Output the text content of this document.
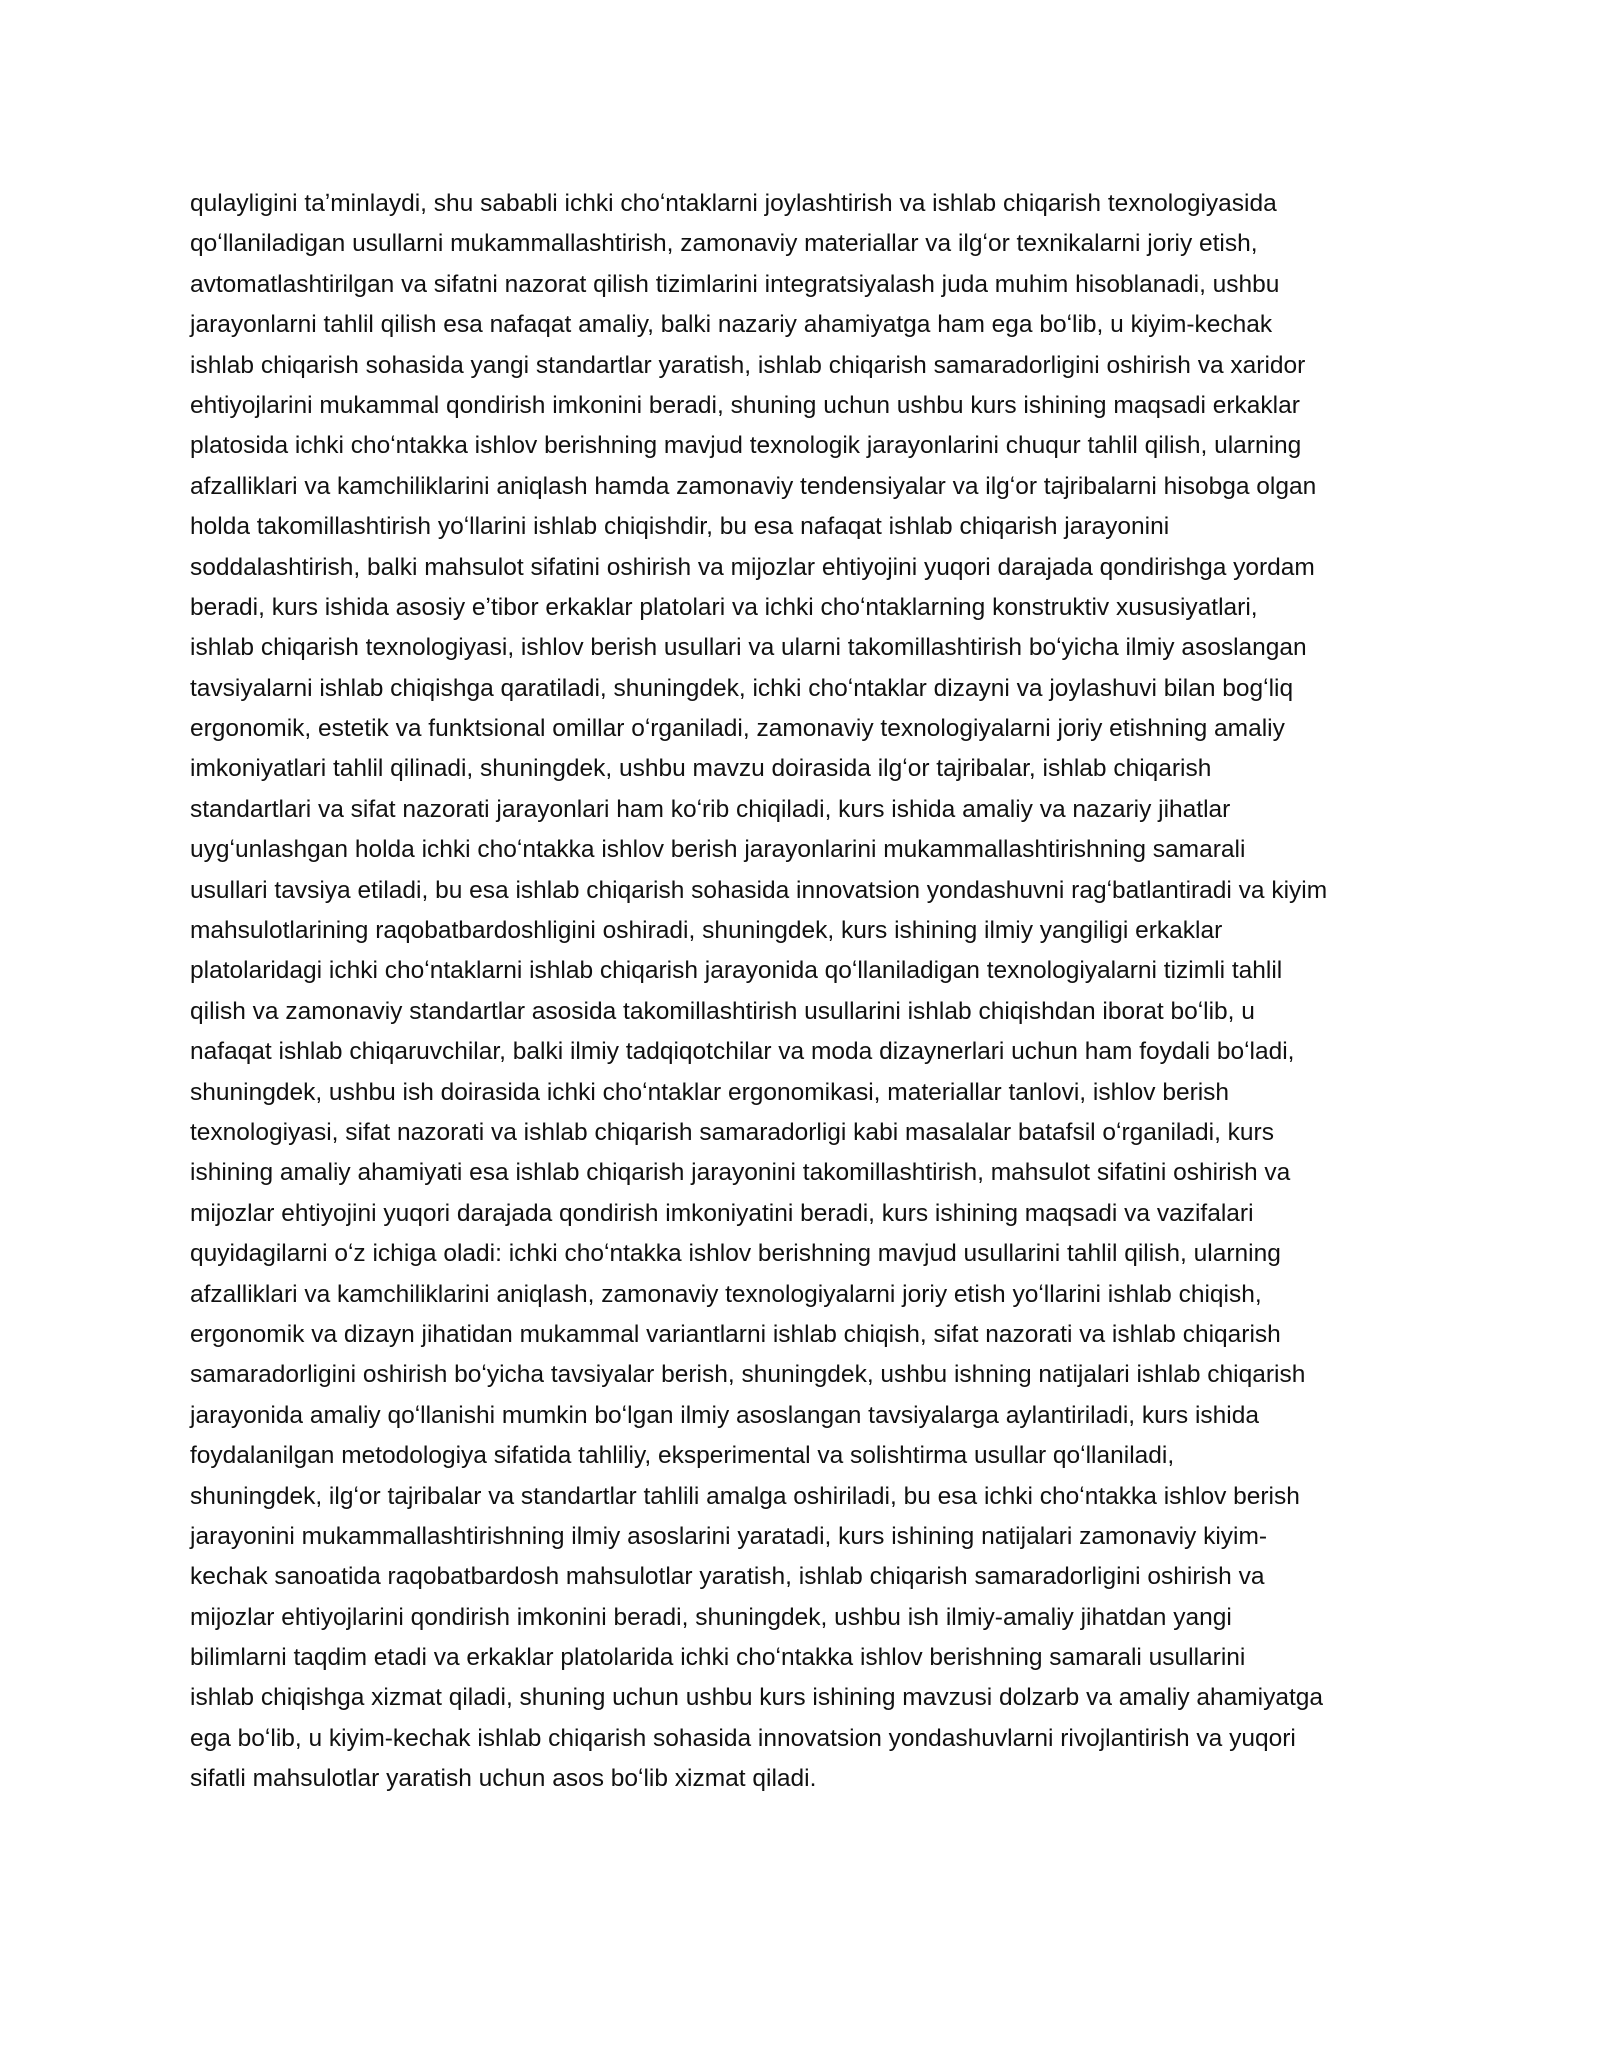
qulayligini taʼminlaydi, shu sababli ichki choʻntaklarni joylashtirish va ishlab chiqarish texnologiyasida
qoʻllaniladigan usullarni mukammallashtirish, zamonaviy materiallar va ilgʻor texnikalarni joriy etish,
avtomatlashtirilgan va sifatni nazorat qilish tizimlarini integratsiyalash juda muhim hisoblanadi, ushbu
jarayonlarni tahlil qilish esa nafaqat amaliy, balki nazariy ahamiyatga ham ega boʻlib, u kiyim-kechak
ishlab chiqarish sohasida yangi standartlar yaratish, ishlab chiqarish samaradorligini oshirish va xaridor
ehtiyojlarini mukammal qondirish imkonini beradi, shuning uchun ushbu kurs ishining maqsadi erkaklar
platosida ichki choʻntakka ishlov berishning mavjud texnologik jarayonlarini chuqur tahlil qilish, ularning
afzalliklari va kamchiliklarini aniqlash hamda zamonaviy tendensiyalar va ilgʻor tajribalarni hisobga olgan
holda takomillashtirish yoʻllarini ishlab chiqishdir, bu esa nafaqat ishlab chiqarish jarayonini
soddalashtirish, balki mahsulot sifatini oshirish va mijozlar ehtiyojini yuqori darajada qondirishga yordam
beradi, kurs ishida asosiy eʼtibor erkaklar platolari va ichki choʻntaklarning konstruktiv xususiyatlari,
ishlab chiqarish texnologiyasi, ishlov berish usullari va ularni takomillashtirish boʻyicha ilmiy asoslangan
tavsiyalarni ishlab chiqishga qaratiladi, shuningdek, ichki choʻntaklar dizayni va joylashuvi bilan bogʻliq
ergonomik, estetik va funktsional omillar oʻrganiladi, zamonaviy texnologiyalarni joriy etishning amaliy
imkoniyatlari tahlil qilinadi, shuningdek, ushbu mavzu doirasida ilgʻor tajribalar, ishlab chiqarish
standartlari va sifat nazorati jarayonlari ham koʻrib chiqiladi, kurs ishida amaliy va nazariy jihatlar
uygʻunlashgan holda ichki choʻntakka ishlov berish jarayonlarini mukammallashtirishning samarali
usullari tavsiya etiladi, bu esa ishlab chiqarish sohasida innovatsion yondashuvni ragʻbatlantiradi va kiyim
mahsulotlarining raqobatbardoshligini oshiradi, shuningdek, kurs ishining ilmiy yangiligi erkaklar
platolaridagi ichki choʻntaklarni ishlab chiqarish jarayonida qoʻllaniladigan texnologiyalarni tizimli tahlil
qilish va zamonaviy standartlar asosida takomillashtirish usullarini ishlab chiqishdan iborat boʻlib, u
nafaqat ishlab chiqaruvchilar, balki ilmiy tadqiqotchilar va moda dizaynerlari uchun ham foydali boʻladi,
shuningdek, ushbu ish doirasida ichki choʻntaklar ergonomikasi, materiallar tanlovi, ishlov berish
texnologiyasi, sifat nazorati va ishlab chiqarish samaradorligi kabi masalalar batafsil oʻrganiladi, kurs
ishining amaliy ahamiyati esa ishlab chiqarish jarayonini takomillashtirish, mahsulot sifatini oshirish va
mijozlar ehtiyojini yuqori darajada qondirish imkoniyatini beradi, kurs ishining maqsadi va vazifalari
quyidagilarni oʻz ichiga oladi: ichki choʻntakka ishlov berishning mavjud usullarini tahlil qilish, ularning
afzalliklari va kamchiliklarini aniqlash, zamonaviy texnologiyalarni joriy etish yoʻllarini ishlab chiqish,
ergonomik va dizayn jihatidan mukammal variantlarni ishlab chiqish, sifat nazorati va ishlab chiqarish
samaradorligini oshirish boʻyicha tavsiyalar berish, shuningdek, ushbu ishning natijalari ishlab chiqarish
jarayonida amaliy qoʻllanishi mumkin boʻlgan ilmiy asoslangan tavsiyalarga aylantiriladi, kurs ishida
foydalanilgan metodologiya sifatida tahliliy, eksperimental va solishtirma usullar qoʻllaniladi,
shuningdek, ilgʻor tajribalar va standartlar tahlili amalga oshiriladi, bu esa ichki choʻntakka ishlov berish
jarayonini mukammallashtirishning ilmiy asoslarini yaratadi, kurs ishining natijalari zamonaviy kiyim-
kechak sanoatida raqobatbardosh mahsulotlar yaratish, ishlab chiqarish samaradorligini oshirish va
mijozlar ehtiyojlarini qondirish imkonini beradi, shuningdek, ushbu ish ilmiy-amaliy jihatdan yangi
bilimlarni taqdim etadi va erkaklar platolarida ichki choʻntakka ishlov berishning samarali usullarini
ishlab chiqishga xizmat qiladi, shuning uchun ushbu kurs ishining mavzusi dolzarb va amaliy ahamiyatga
ega boʻlib, u kiyim-kechak ishlab chiqarish sohasida innovatsion yondashuvlarni rivojlantirish va yuqori
sifatli mahsulotlar yaratish uchun asos boʻlib xizmat qiladi.
